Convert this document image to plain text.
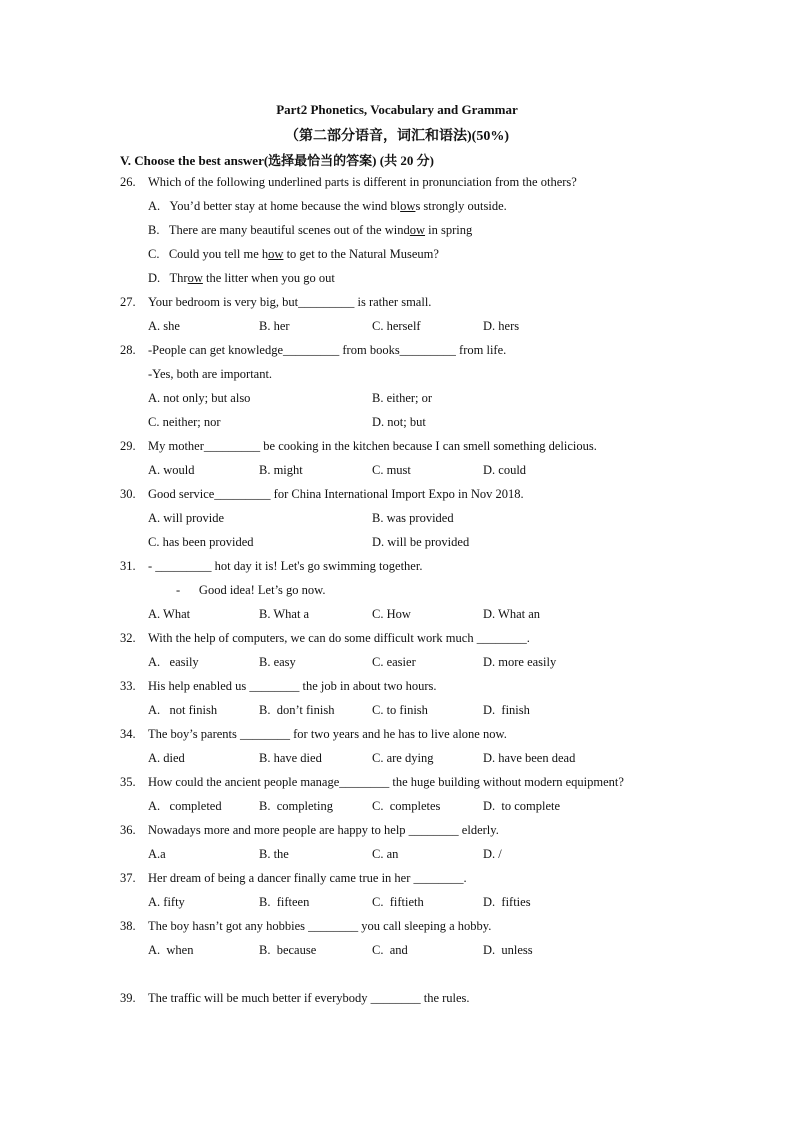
Part2 Phonetics, Vocabulary and Grammar
（第二部分语音，词汇和语法)(50%)
V. Choose the best answer(选择最恰当的答案) (共 20 分)
26. Which of the following underlined parts is different in pronunciation from the others?
A. You’d better stay at home because the wind blows strongly outside.
B. There are many beautiful scenes out of the window in spring
C. Could you tell me how to get to the Natural Museum?
D. Throw the litter when you go out
27. Your bedroom is very big, but_________ is rather small.
A. she	B. her	C. herself	D. hers
28. -People can get knowledge_________ from books_________ from life.
-Yes, both are important.
A. not only; but also	B. either; or
C. neither; nor	D. not; but
29. My mother_________ be cooking in the kitchen because I can smell something delicious.
A. would	B. might	C. must	D. could
30. Good service_________ for China International Import Expo in Nov 2018.
A. will provide	B. was provided
C. has been provided	D. will be provided
31. - _________ hot day it is! Let's go swimming together.
-      Good idea! Let’s go now.
A. What	B. What a	C. How	D. What an
32. With the help of computers, we can do some difficult work much ________.
A.   easily	B. easy	C. easier	D. more easily
33. His help enabled us ________ the job in about two hours.
A.   not finish	B.  don’t finish	C. to finish	D.  finish
34. The boy’s parents ________ for two years and he has to live alone now.
A. died	B. have died	C. are dying	D. have been dead
35. How could the ancient people manage________ the huge building without modern equipment?
A.   completed	B.  completing	C.  completes	D.  to complete
36. Nowadays more and more people are happy to help ________ elderly.
A.a	B. the	C. an	D. /
37. Her dream of being a dancer finally came true in her ________.
A. fifty	B.  fifteen	C.  fiftieth	D.  fifties
38. The boy hasn’t got any hobbies ________ you call sleeping a hobby.
A.  when	B.  because	C.  and	D.  unless
39. The traffic will be much better if everybody ________ the rules.
